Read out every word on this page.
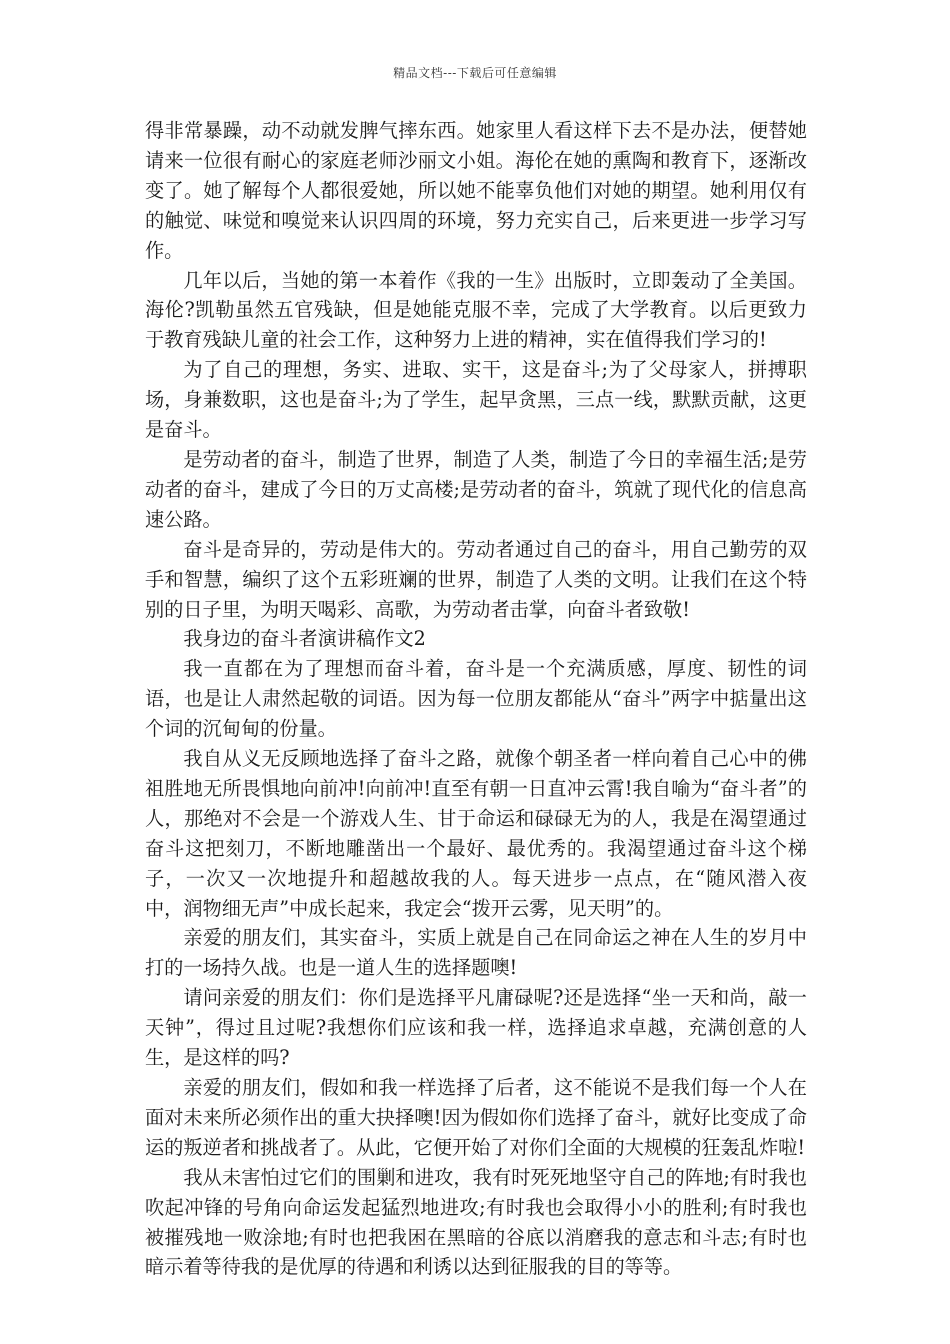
精品文档---下载后可任意编辑

得非常暴躁，动不动就发脾气摔东西。她家里人看这样下去不是办法，便替她请来一位很有耐心的家庭老师沙丽文小姐。海伦在她的熏陶和教育下，逐渐改变了。她了解每个人都很爱她，所以她不能辜负他们对她的期望。她利用仅有的触觉、味觉和嗅觉来认识四周的环境，努力充实自己，后来更进一步学习写作。

几年以后，当她的第一本着作《我的一生》出版时，立即轰动了全美国。海伦?凯勒虽然五官残缺，但是她能克服不幸，完成了大学教育。以后更致力于教育残缺儿童的社会工作，这种努力上进的精神，实在值得我们学习的!

为了自己的理想，务实、进取、实干，这是奋斗;为了父母家人，拼搏职场，身兼数职，这也是奋斗;为了学生，起早贪黑，三点一线，默默贡献，这更是奋斗。

是劳动者的奋斗，制造了世界，制造了人类，制造了今日的幸福生活;是劳动者的奋斗，建成了今日的万丈高楼;是劳动者的奋斗，筑就了现代化的信息高速公路。

奋斗是奇异的，劳动是伟大的。劳动者通过自己的奋斗，用自己勤劳的双手和智慧，编织了这个五彩班斓的世界，制造了人类的文明。让我们在这个特别的日子里，为明天喝彩、高歌，为劳动者击掌，向奋斗者致敬!

我身边的奋斗者演讲稿作文2

我一直都在为了理想而奋斗着，奋斗是一个充满质感，厚度、韧性的词语，也是让人肃然起敬的词语。因为每一位朋友都能从“奋斗”两字中掂量出这个词的沉甸甸的份量。

我自从义无反顾地选择了奋斗之路，就像个朝圣者一样向着自己心中的佛祖胜地无所畏惧地向前冲!向前冲!直至有朝一日直冲云霄!我自喻为“奋斗者”的人，那绝对不会是一个游戏人生、甘于命运和碌碌无为的人，我是在渴望通过奋斗这把刻刀，不断地雕凿出一个最好、最优秀的。我渴望通过奋斗这个梯子，一次又一次地提升和超越故我的人。每天进步一点点，在“随风潜入夜中，润物细无声”中成长起来，我定会“拨开云雾，见天明”的。

亲爱的朋友们，其实奋斗，实质上就是自己在同命运之神在人生的岁月中打的一场持久战。也是一道人生的选择题噢!

请问亲爱的朋友们：你们是选择平凡庸碌呢?还是选择“坐一天和尚，敲一天钟”，得过且过呢?我想你们应该和我一样，选择追求卓越，充满创意的人生，是这样的吗?

亲爱的朋友们，假如和我一样选择了后者，这不能说不是我们每一个人在面对未来所必须作出的重大抉择噢!因为假如你们选择了奋斗，就好比变成了命运的叛逆者和挑战者了。从此，它便开始了对你们全面的大规模的狂轰乱炸啦!

我从未害怕过它们的围剿和进攻，我有时死死地坚守自己的阵地;有时我也吹起冲锋的号角向命运发起猛烈地进攻;有时我也会取得小小的胜利;有时我也被摧残地一败涂地;有时也把我困在黑暗的谷底以消磨我的意志和斗志;有时也暗示着等待我的是优厚的待遇和利诱以达到征服我的目的等等。
